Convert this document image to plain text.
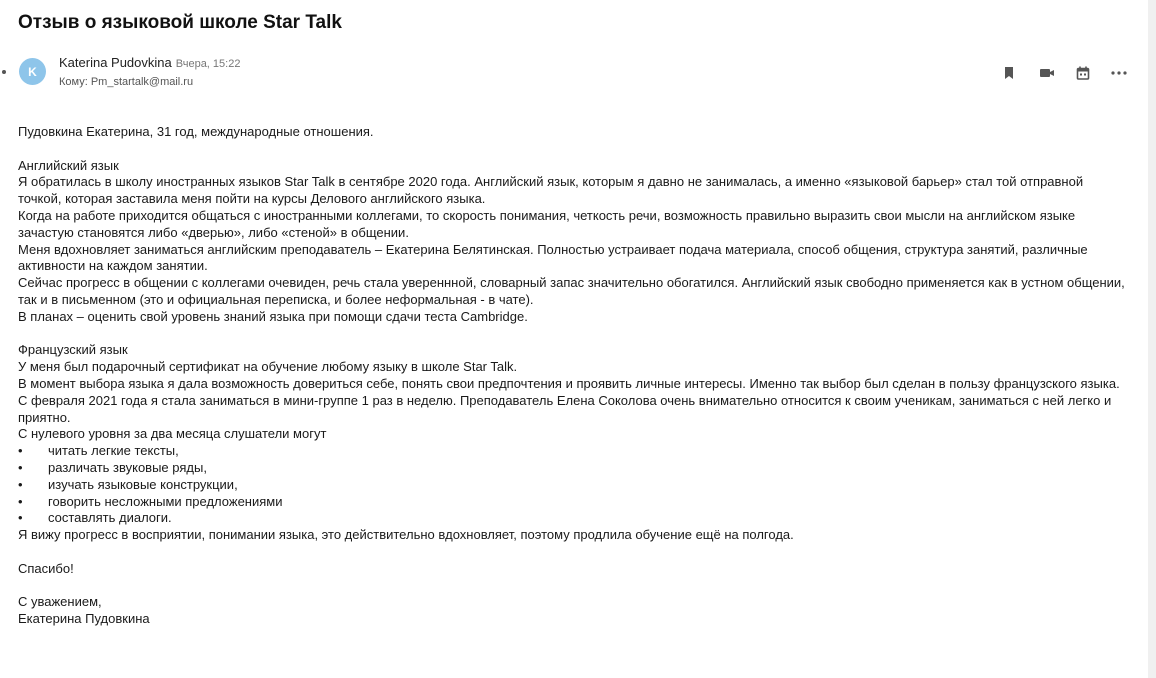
Отзыв о языковой школе Star Talk
K
Katerina Pudovkina Вчера, 15:22
Кому: Pm_startalk@mail.ru

Пудовкина Екатерина, 31 год, международные отношения.

Английский язык

Я обратилась в школу иностранных языков Star Talk в сентябре 2020 года. Английский язык, которым я давно не занималась, а именно «языковой барьер» стал той отправной точкой, которая заставила меня пойти на курсы Делового английского языка.

Когда на работе приходится общаться с иностранными коллегами, то скорость понимания, четкость речи, возможность правильно выразить свои мысли на английском языке зачастую становятся либо «дверью», либо «стеной» в общении.

Меня вдохновляет заниматься английским преподаватель – Екатерина Белятинская. Полностью устраивает подача материала, способ общения, структура занятий, различные активности на каждом занятии.

Сейчас прогресс в общении с коллегами очевиден, речь стала увереннной, словарный запас значительно обогатился. Английский язык свободно применяется как в устном общении, так и в письменном (это и официальная переписка, и более неформальная - в чате).

В планах – оценить свой уровень знаний языка при помощи сдачи теста Cambridge.

Французский язык

У меня был подарочный сертификат на обучение любому языку в школе Star Talk.

В момент выбора языка я дала возможность довериться себе, понять свои предпочтения и проявить личные интересы. Именно так выбор был сделан в пользу французского языка.

С февраля 2021 года я стала заниматься в мини-группе 1 раз в неделю. Преподаватель Елена Соколова очень внимательно относится к своим ученикам, заниматься с ней легко и приятно.

С нулевого уровня за два месяца слушатели могут

•	читать легкие тексты,
•	различать звуковые ряды,
•	изучать языковые конструкции,
•	говорить несложными предложениями
•	составлять диалоги.

Я вижу прогресс в восприятии, понимании языка, это действительно вдохновляет, поэтому продлила обучение ещё на полгода.

Спасибо!

С уважением,

Екатерина Пудовкина
